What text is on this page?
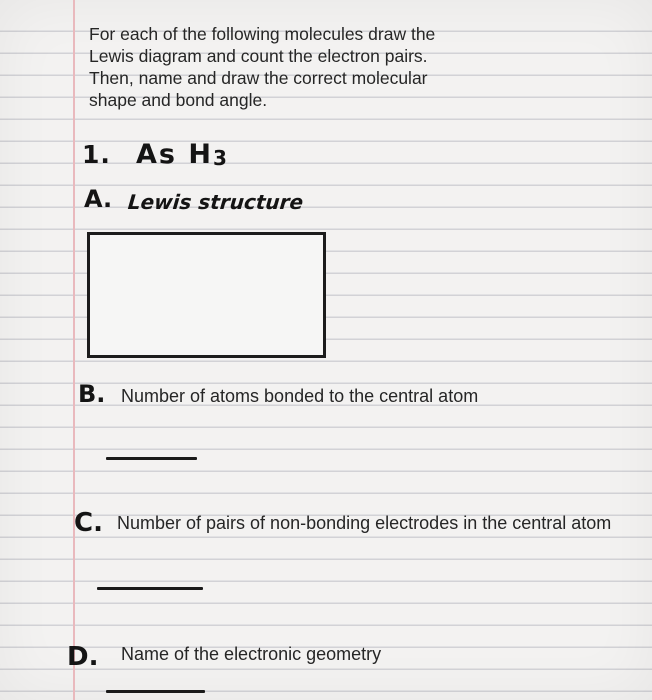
For each of the following molecules draw the Lewis diagram and count the electron pairs. Then, name and draw the correct molecular shape and bond angle.

1. As H3
A. Lewis structure
B. Number of atoms bonded to the central atom

C. Number of pairs of non-bonding electrodes in the central atom

D. Name of the electronic geometry
